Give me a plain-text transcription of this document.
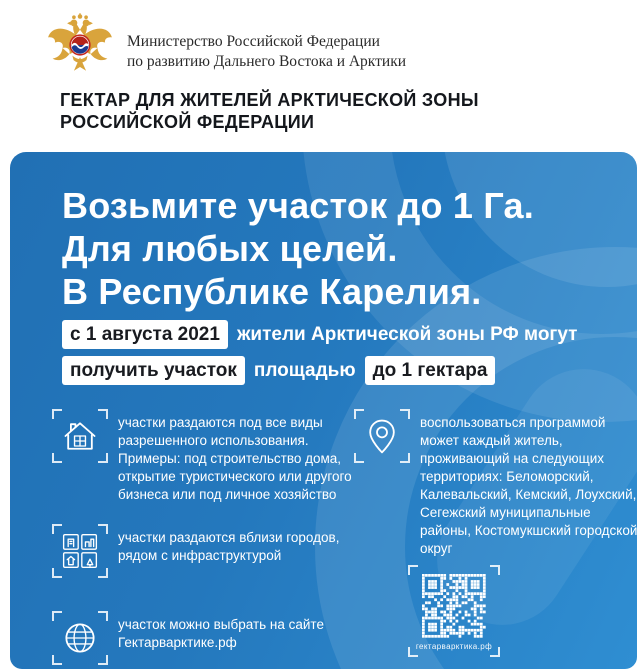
Министерство Российской Федерации
по развитию Дальнего Востока и Арктики
ГЕКТАР ДЛЯ ЖИТЕЛЕЙ АРКТИЧЕСКОЙ ЗОНЫ
РОССИЙСКОЙ ФЕДЕРАЦИИ
Возьмите участок до 1 Га.
Для любых целей.
В Республике Карелия.
с 1 августа 2021 жители Арктической зоны РФ могут
получить участок площадью до 1 гектара

участки раздаются под все виды разрешенного использования. Примеры: под строительство дома, открытие туристического или другого бизнеса или под личное хозяйство

участки раздаются вблизи городов, рядом с инфраструктурой

участок можно выбрать на сайте Гектарварктике.рф

воспользоваться программой может каждый житель, проживающий на следующих территориях: Беломорский, Калевальский, Кемский, Лоухский, Сегежский муниципальные районы, Костомукшский городской округ

гектарварктика.рф
